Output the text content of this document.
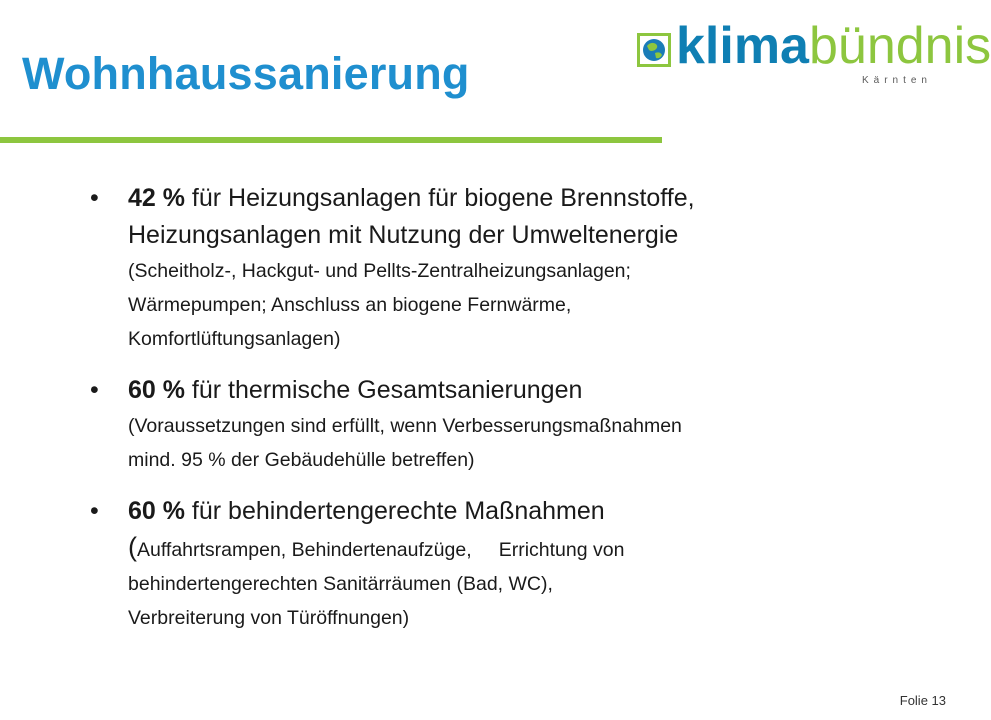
Wohnhaussanierung	klimabündnis
Kärnten
• 42 % für Heizungsanlagen für biogene Brennstoffe,
Heizungsanlagen mit Nutzung der Umweltenergie
(Scheitholz-, Hackgut- und Pellts-Zentralheizungsanlagen;
Wärmepumpen; Anschluss an biogene Fernwärme,
Komfortlüftungsanlagen)
• 60 % für thermische Gesamtsanierungen
(Voraussetzungen sind erfüllt, wenn Verbesserungsmaßnahmen
mind. 95 % der Gebäudehülle betreffen)
• 60 % für behindertengerechte Maßnahmen
(Auffahrtsrampen, Behindertenaufzüge,     Errichtung von
behindertengerechten Sanitärräumen (Bad, WC),
Verbreiterung von Türöffnungen)
Folie 13
